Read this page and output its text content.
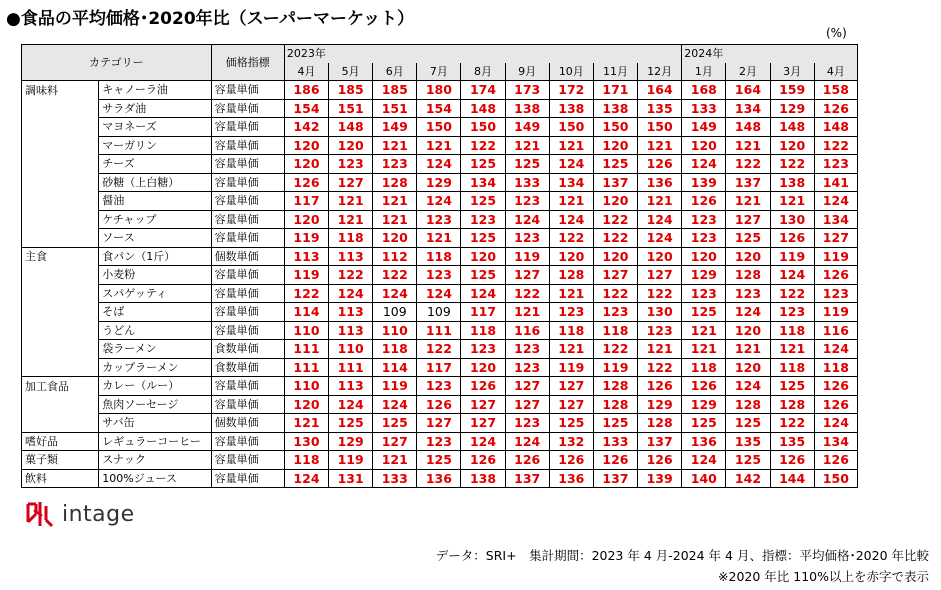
●食品の平均価格･2020年比（スーパーマーケット）
(%)
カテゴリー		価格指標	2023年									2024年			
			4月	5月	6月	7月	8月	9月	10月	11月	12月	1月	2月	3月	4月
調味料	キャノーラ油	容量単価	186	185	185	180	174	173	172	171	164	168	164	159	158
	サラダ油	容量単価	154	151	151	154	148	138	138	138	135	133	134	129	126
	マヨネーズ	容量単価	142	148	149	150	150	149	150	150	150	149	148	148	148
	マーガリン	容量単価	120	120	121	121	122	121	121	120	121	120	121	120	122
	チーズ	容量単価	120	123	123	124	125	125	124	125	126	124	122	122	123
	砂糖（上白糖）	容量単価	126	127	128	129	134	133	134	137	136	139	137	138	141
	醤油	容量単価	117	121	121	124	125	123	121	120	121	126	121	121	124
	ケチャップ	容量単価	120	121	121	123	123	124	124	122	124	123	127	130	134
	ソース	容量単価	119	118	120	121	125	123	122	122	124	123	125	126	127
主食	食パン（1斤）	個数単価	113	113	112	118	120	119	120	120	120	120	120	119	119
	小麦粉	容量単価	119	122	122	123	125	127	128	127	127	129	128	124	126
	スパゲッティ	容量単価	122	124	124	124	124	122	121	122	122	123	123	122	123
	そば	容量単価	114	113	109	109	117	121	123	123	130	125	124	123	119
	うどん	容量単価	110	113	110	111	118	116	118	118	123	121	120	118	116
	袋ラーメン	食数単価	111	110	118	122	123	123	121	122	121	121	121	121	124
	カップラーメン	食数単価	111	111	114	117	120	123	119	119	122	118	120	118	118
加工食品	カレー（ルー）	容量単価	110	113	119	123	126	127	127	128	126	126	124	125	126
	魚肉ソーセージ	容量単価	120	124	124	126	127	127	127	128	129	129	128	128	126
	サバ缶	個数単価	121	125	125	127	127	123	125	125	128	125	125	122	124
嗜好品	レギュラーコーヒー	容量単価	130	129	127	123	124	124	132	133	137	136	135	135	134
菓子類	スナック	容量単価	118	119	121	125	126	126	126	126	126	124	125	126	126
飲料	100%ジュース	容量単価	124	131	133	136	138	137	136	137	139	140	142	144	150
intage
データ：SRI+　集計期間：2023 年 4 月-2024 年 4 月、指標：平均価格･2020 年比較
※2020 年比 110%以上を赤字で表示
